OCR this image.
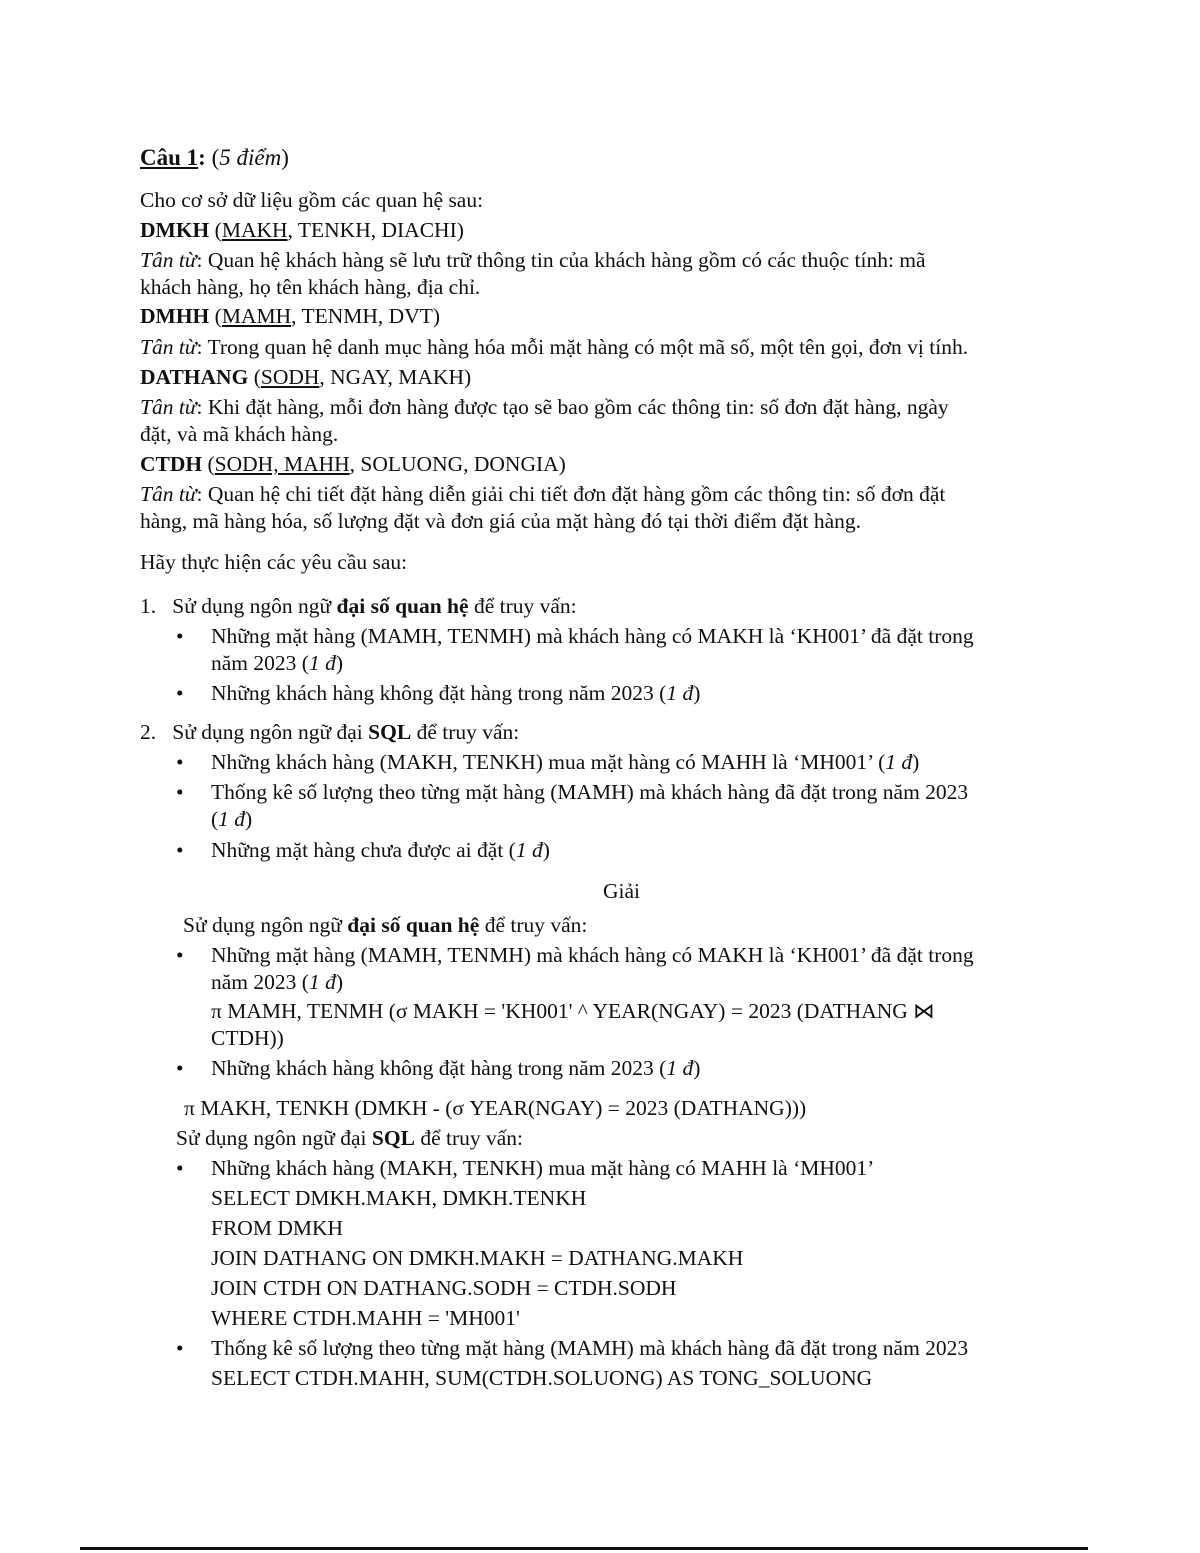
Câu 1: (5 điểm)
Cho cơ sở dữ liệu gồm các quan hệ sau:
DMKH (MAKH, TENKH, DIACHI)
Tân từ: Quan hệ khách hàng sẽ lưu trữ thông tin của khách hàng gồm có các thuộc tính: mã
khách hàng, họ tên khách hàng, địa chỉ.
DMHH (MAMH, TENMH, DVT)
Tân từ: Trong quan hệ danh mục hàng hóa mỗi mặt hàng có một mã số, một tên gọi, đơn vị tính.
DATHANG (SODH, NGAY, MAKH)
Tân từ: Khi đặt hàng, mỗi đơn hàng được tạo sẽ bao gồm các thông tin: số đơn đặt hàng, ngày
đặt, và mã khách hàng.
CTDH (SODH, MAHH, SOLUONG, DONGIA)
Tân từ: Quan hệ chi tiết đặt hàng diễn giải chi tiết đơn đặt hàng gồm các thông tin: số đơn đặt
hàng, mã hàng hóa, số lượng đặt và đơn giá của mặt hàng đó tại thời điểm đặt hàng.
Hãy thực hiện các yêu cầu sau:
1. Sử dụng ngôn ngữ đại số quan hệ để truy vấn:
• Những mặt hàng (MAMH, TENMH) mà khách hàng có MAKH là ‘KH001’ đã đặt trong
năm 2023 (1 đ)
• Những khách hàng không đặt hàng trong năm 2023 (1 đ)
2. Sử dụng ngôn ngữ đại SQL để truy vấn:
• Những khách hàng (MAKH, TENKH) mua mặt hàng có MAHH là ‘MH001’ (1 đ)
• Thống kê số lượng theo từng mặt hàng (MAMH) mà khách hàng đã đặt trong năm 2023
(1 đ)
• Những mặt hàng chưa được ai đặt (1 đ)
Giải
Sử dụng ngôn ngữ đại số quan hệ để truy vấn:
• Những mặt hàng (MAMH, TENMH) mà khách hàng có MAKH là ‘KH001’ đã đặt trong
năm 2023 (1 đ)
π MAMH, TENMH (σ MAKH = 'KH001' ^ YEAR(NGAY) = 2023 (DATHANG ⋈
CTDH))
• Những khách hàng không đặt hàng trong năm 2023 (1 đ)
π MAKH, TENKH (DMKH - (σ YEAR(NGAY) = 2023 (DATHANG)))
Sử dụng ngôn ngữ đại SQL để truy vấn:
• Những khách hàng (MAKH, TENKH) mua mặt hàng có MAHH là ‘MH001’
SELECT DMKH.MAKH, DMKH.TENKH
FROM DMKH
JOIN DATHANG ON DMKH.MAKH = DATHANG.MAKH
JOIN CTDH ON DATHANG.SODH = CTDH.SODH
WHERE CTDH.MAHH = 'MH001'
• Thống kê số lượng theo từng mặt hàng (MAMH) mà khách hàng đã đặt trong năm 2023
SELECT CTDH.MAHH, SUM(CTDH.SOLUONG) AS TONG_SOLUONG
